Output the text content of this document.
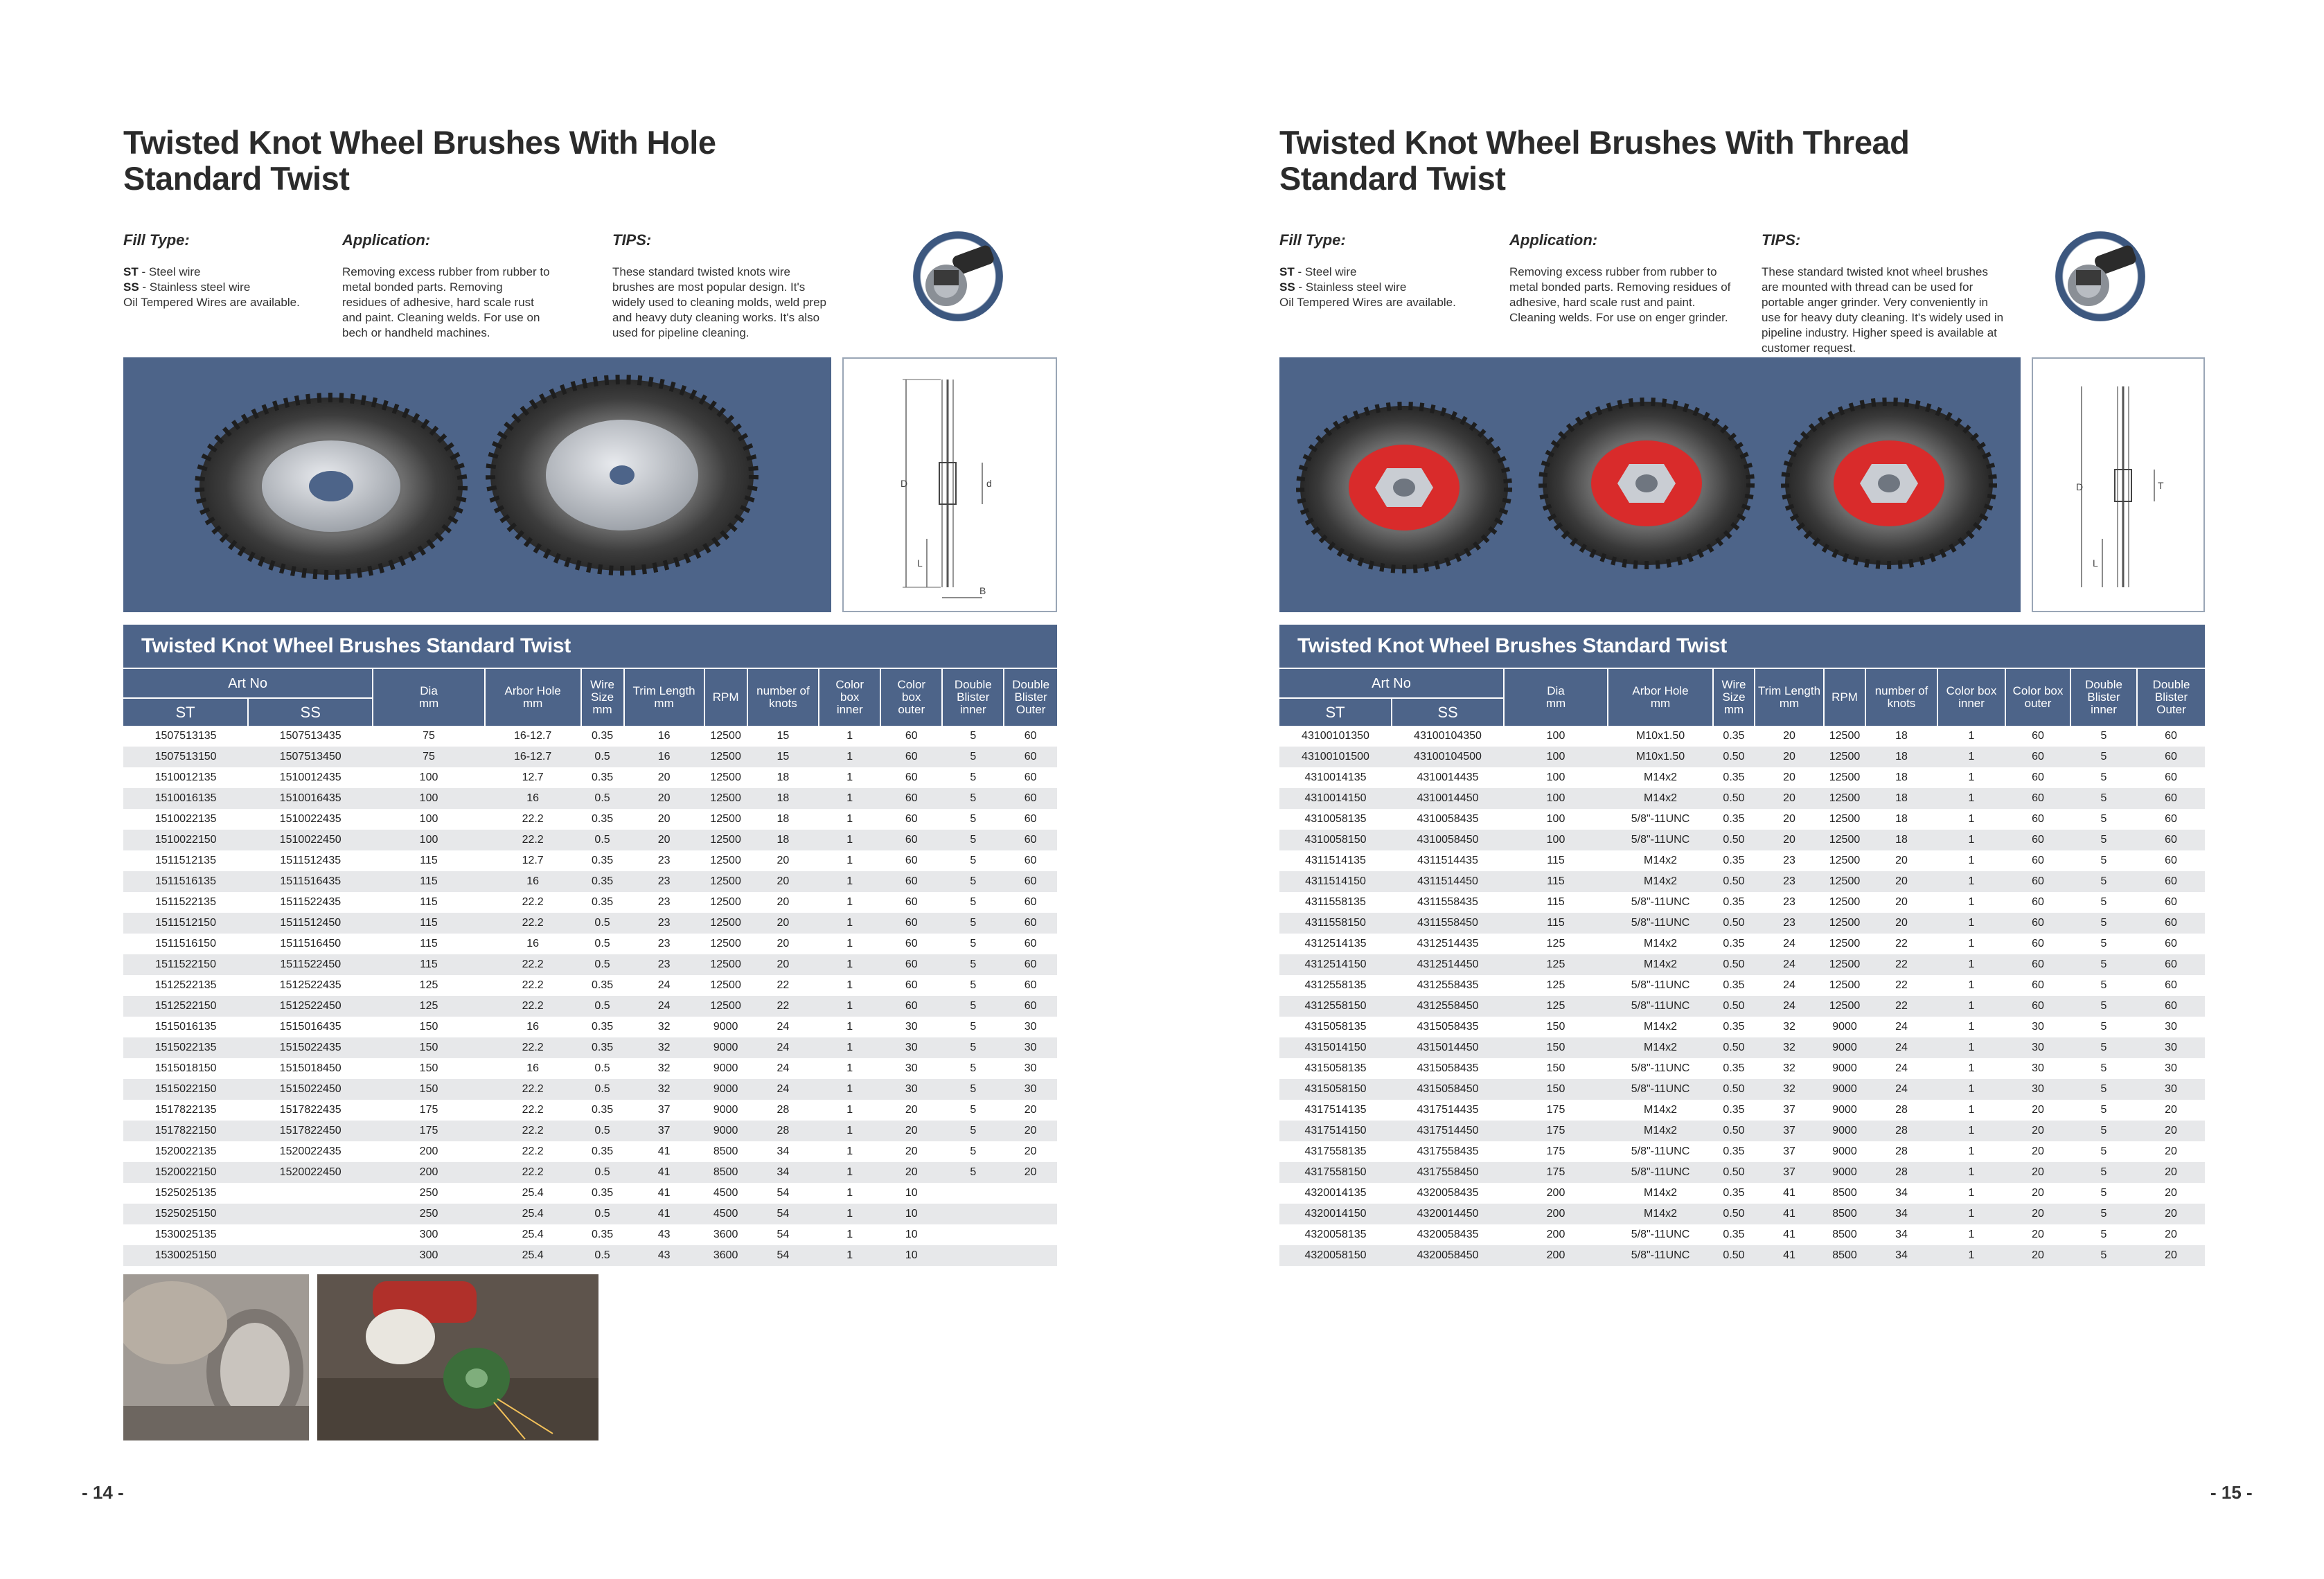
Twisted Knot Wheel Brushes With Hole
Standard Twist
Fill Type:
ST - Steel wire
SS - Stainless steel wire
Oil Tempered Wires are available.
Application:
Removing excess rubber from rubber to metal bonded parts. Removing residues of adhesive, hard scale rust and paint. Cleaning welds. For use on bech or handheld machines.
TIPS:
These standard twisted knots wire brushes are most popular design. It's widely used to cleaning molds, weld prep and heavy duty cleaning works. It's also used for pipeline cleaning.
D	d
L
B
Twisted Knot Wheel Brushes Standard Twist
Art No		Dia
mm	Arbor Hole
mm	Wire
Size
mm	Trim Length
mm	RPM	number of
knots	Color
box
inner	Color
box
outer	Double
Blister
inner	Double
Blister
Outer
ST	SS										
1507513135	1507513435	75	16-12.7	0.35	16	12500	15	1	60	5	60
1507513150	1507513450	75	16-12.7	0.5	16	12500	15	1	60	5	60
1510012135	1510012435	100	12.7	0.35	20	12500	18	1	60	5	60
1510016135	1510016435	100	16	0.5	20	12500	18	1	60	5	60
1510022135	1510022435	100	22.2	0.35	20	12500	18	1	60	5	60
1510022150	1510022450	100	22.2	0.5	20	12500	18	1	60	5	60
1511512135	1511512435	115	12.7	0.35	23	12500	20	1	60	5	60
1511516135	1511516435	115	16	0.35	23	12500	20	1	60	5	60
1511522135	1511522435	115	22.2	0.35	23	12500	20	1	60	5	60
1511512150	1511512450	115	22.2	0.5	23	12500	20	1	60	5	60
1511516150	1511516450	115	16	0.5	23	12500	20	1	60	5	60
1511522150	1511522450	115	22.2	0.5	23	12500	20	1	60	5	60
1512522135	1512522435	125	22.2	0.35	24	12500	22	1	60	5	60
1512522150	1512522450	125	22.2	0.5	24	12500	22	1	60	5	60
1515016135	1515016435	150	16	0.35	32	9000	24	1	30	5	30
1515022135	1515022435	150	22.2	0.35	32	9000	24	1	30	5	30
1515018150	1515018450	150	16	0.5	32	9000	24	1	30	5	30
1515022150	1515022450	150	22.2	0.5	32	9000	24	1	30	5	30
1517822135	1517822435	175	22.2	0.35	37	9000	28	1	20	5	20
1517822150	1517822450	175	22.2	0.5	37	9000	28	1	20	5	20
1520022135	1520022435	200	22.2	0.35	41	8500	34	1	20	5	20
1520022150	1520022450	200	22.2	0.5	41	8500	34	1	20	5	20
1525025135		250	25.4	0.35	41	4500	54	1	10		
1525025150		250	25.4	0.5	41	4500	54	1	10		
1530025135		300	25.4	0.35	43	3600	54	1	10		
1530025150		300	25.4	0.5	43	3600	54	1	10		
- 14 -
Twisted Knot Wheel Brushes With Thread
Standard Twist
Fill Type:
ST - Steel wire
SS - Stainless steel wire
Oil Tempered Wires are available.
Application:
Removing excess rubber from rubber to metal bonded parts. Removing residues of adhesive, hard scale rust and paint. Cleaning welds. For use on enger grinder.
TIPS:
These standard twisted knot wheel brushes are mounted with thread can be used for portable anger grinder. Very conveniently in use for heavy duty cleaning. It's widely used in pipeline industry. Higher speed is available at customer request.
D	T
L
Twisted Knot Wheel Brushes Standard Twist
Art No		Dia
mm	Arbor Hole
mm	Wire
Size
mm	Trim Length
mm	RPM	number of
knots	Color box
inner	Color box
outer	Double
Blister
inner	Double
Blister
Outer
ST	SS										
43100101350	43100104350	100	M10x1.50	0.35	20	12500	18	1	60	5	60
43100101500	43100104500	100	M10x1.50	0.50	20	12500	18	1	60	5	60
4310014135	4310014435	100	M14x2	0.35	20	12500	18	1	60	5	60
4310014150	4310014450	100	M14x2	0.50	20	12500	18	1	60	5	60
4310058135	4310058435	100	5/8"-11UNC	0.35	20	12500	18	1	60	5	60
4310058150	4310058450	100	5/8"-11UNC	0.50	20	12500	18	1	60	5	60
4311514135	4311514435	115	M14x2	0.35	23	12500	20	1	60	5	60
4311514150	4311514450	115	M14x2	0.50	23	12500	20	1	60	5	60
4311558135	4311558435	115	5/8"-11UNC	0.35	23	12500	20	1	60	5	60
4311558150	4311558450	115	5/8"-11UNC	0.50	23	12500	20	1	60	5	60
4312514135	4312514435	125	M14x2	0.35	24	12500	22	1	60	5	60
4312514150	4312514450	125	M14x2	0.50	24	12500	22	1	60	5	60
4312558135	4312558435	125	5/8"-11UNC	0.35	24	12500	22	1	60	5	60
4312558150	4312558450	125	5/8"-11UNC	0.50	24	12500	22	1	60	5	60
4315058135	4315058435	150	M14x2	0.35	32	9000	24	1	30	5	30
4315014150	4315014450	150	M14x2	0.50	32	9000	24	1	30	5	30
4315058135	4315058435	150	5/8"-11UNC	0.35	32	9000	24	1	30	5	30
4315058150	4315058450	150	5/8"-11UNC	0.50	32	9000	24	1	30	5	30
4317514135	4317514435	175	M14x2	0.35	37	9000	28	1	20	5	20
4317514150	4317514450	175	M14x2	0.50	37	9000	28	1	20	5	20
4317558135	4317558435	175	5/8"-11UNC	0.35	37	9000	28	1	20	5	20
4317558150	4317558450	175	5/8"-11UNC	0.50	37	9000	28	1	20	5	20
4320014135	4320058435	200	M14x2	0.35	41	8500	34	1	20	5	20
4320014150	4320014450	200	M14x2	0.50	41	8500	34	1	20	5	20
4320058135	4320058435	200	5/8"-11UNC	0.35	41	8500	34	1	20	5	20
4320058150	4320058450	200	5/8"-11UNC	0.50	41	8500	34	1	20	5	20
- 15 -
